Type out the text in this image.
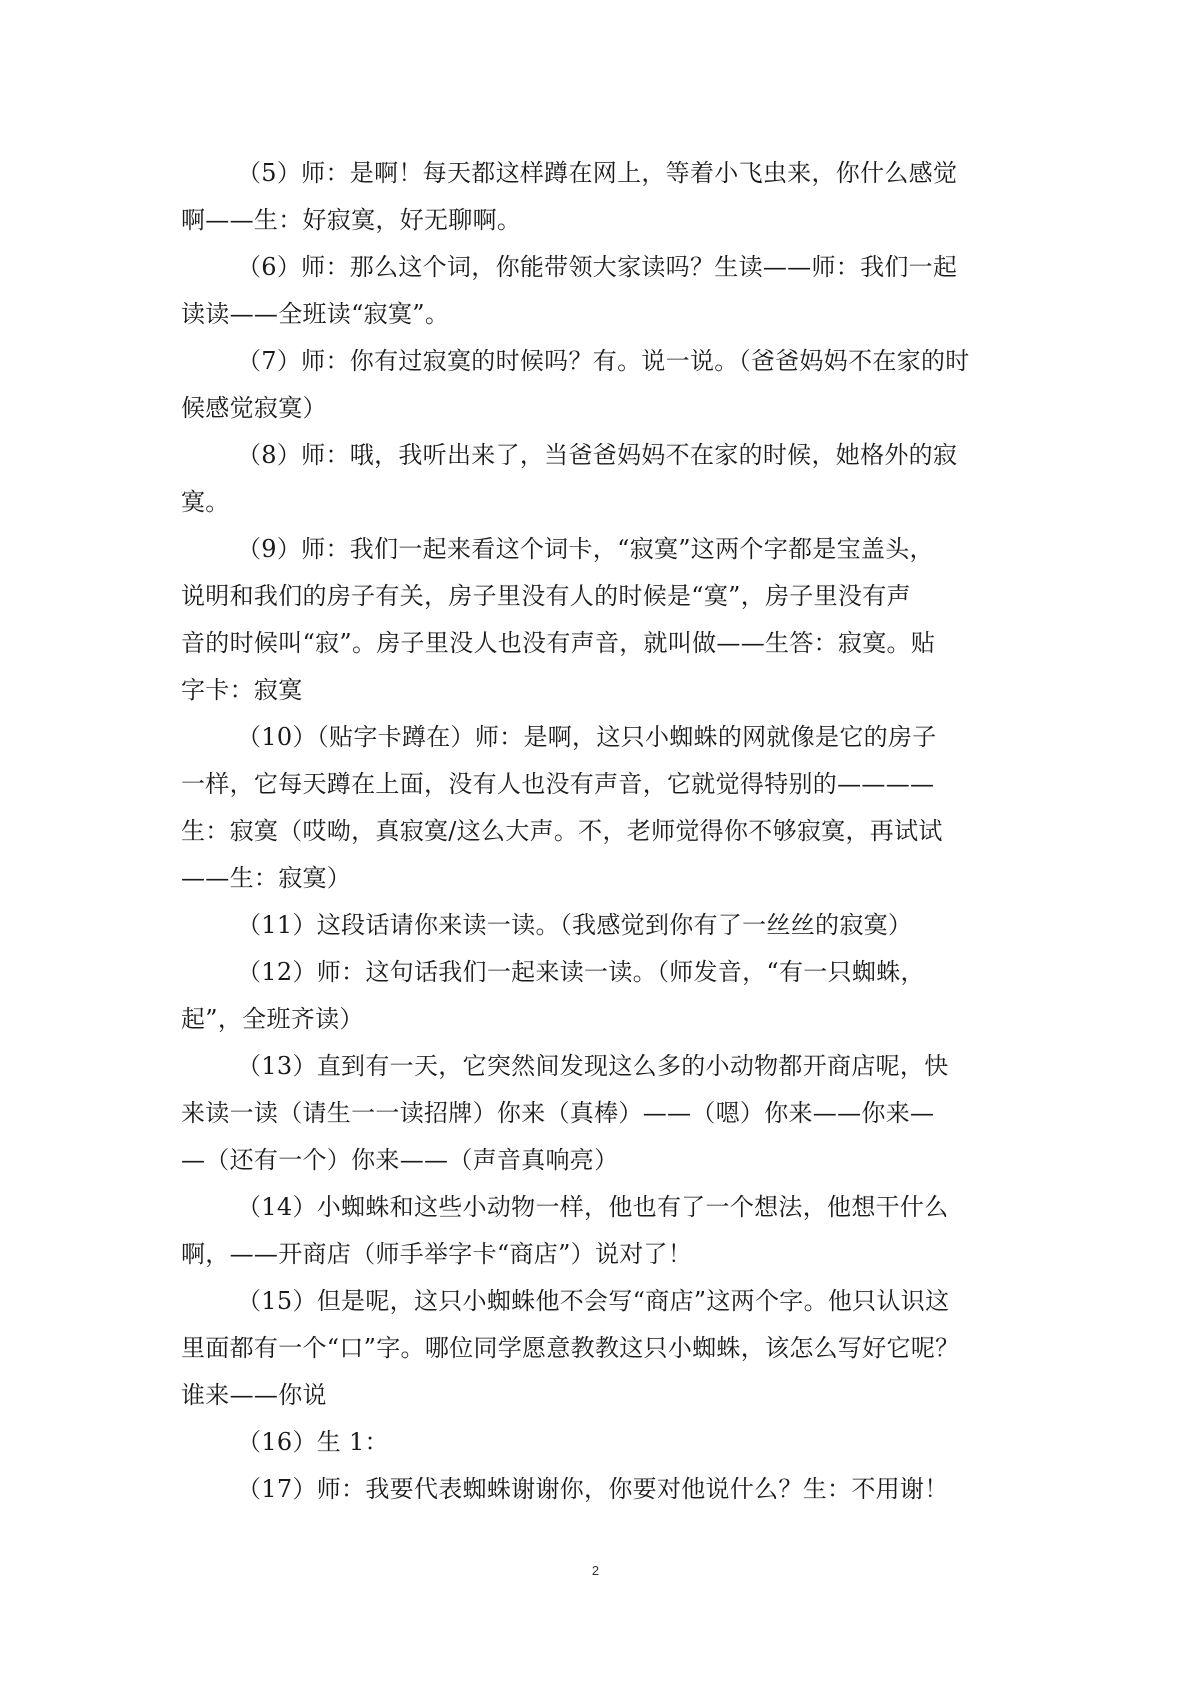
（5）师：是啊！每天都这样蹲在网上，等着小飞虫来，你什么感觉
啊——生：好寂寞，好无聊啊。
（6）师：那么这个词，你能带领大家读吗？生读——师：我们一起
读读——全班读“寂寞”。
（7）师：你有过寂寞的时候吗？有。说一说。（爸爸妈妈不在家的时
候感觉寂寞）
（8）师：哦，我听出来了，当爸爸妈妈不在家的时候，她格外的寂
寞。
（9）师：我们一起来看这个词卡，“寂寞”这两个字都是宝盖头，
说明和我们的房子有关，房子里没有人的时候是“寞”，房子里没有声
音的时候叫“寂”。房子里没人也没有声音，就叫做——生答：寂寞。贴
字卡：寂寞
（10）（贴字卡蹲在）师：是啊，这只小蜘蛛的网就像是它的房子
一样，它每天蹲在上面，没有人也没有声音，它就觉得特别的————
生：寂寞（哎呦，真寂寞/这么大声。不，老师觉得你不够寂寞，再试试
——生：寂寞）
（11）这段话请你来读一读。（我感觉到你有了一丝丝的寂寞）
（12）师：这句话我们一起来读一读。（师发音，“有一只蜘蛛，
起”，全班齐读）
（13）直到有一天，它突然间发现这么多的小动物都开商店呢，快
来读一读（请生一一读招牌）你来（真棒）——（嗯）你来——你来—
—（还有一个）你来——（声音真响亮）
（14）小蜘蛛和这些小动物一样，他也有了一个想法，他想干什么
啊，——开商店（师手举字卡“商店”）说对了！
（15）但是呢，这只小蜘蛛他不会写“商店”这两个字。他只认识这
里面都有一个“口”字。哪位同学愿意教教这只小蜘蛛，该怎么写好它呢？
谁来——你说
（16）生 1：
（17）师：我要代表蜘蛛谢谢你，你要对他说什么？生：不用谢！
2
